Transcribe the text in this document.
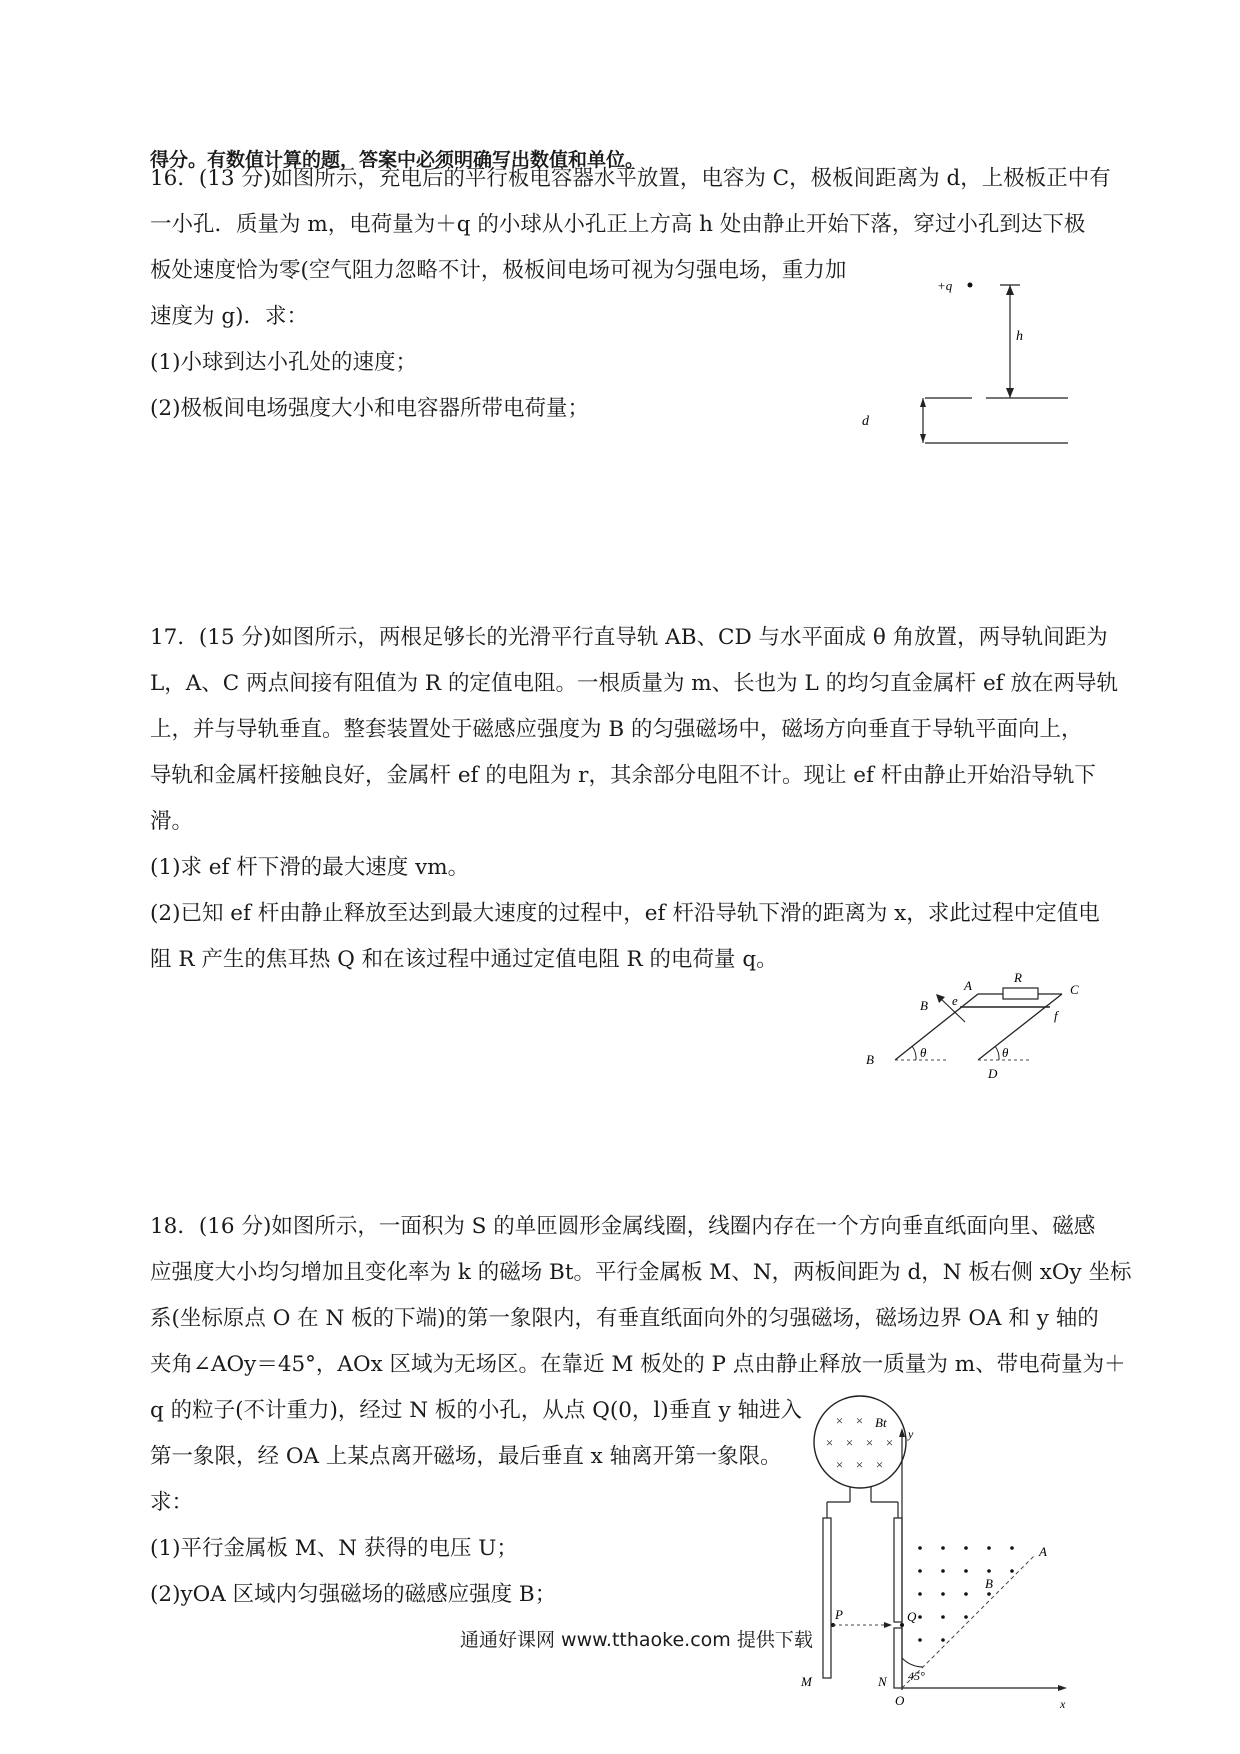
得分。有数值计算的题，答案中必须明确写出数值和单位。
16．(13 分)如图所示，充电后的平行板电容器水平放置，电容为 C，极板间距离为 d，上极板正中有
一小孔．质量为 m，电荷量为＋q 的小球从小孔正上方高 h 处由静止开始下落，穿过小孔到达下极
板处速度恰为零(空气阻力忽略不计，极板间电场可视为匀强电场，重力加
速度为 g)．求：
(1)小球到达小孔处的速度；
(2)极板间电场强度大小和电容器所带电荷量；
+q
h
d
17．(15 分)如图所示，两根足够长的光滑平行直导轨 AB、CD 与水平面成 θ 角放置，两导轨间距为
L，A、C 两点间接有阻值为 R 的定值电阻。一根质量为 m、长也为 L 的均匀直金属杆 ef 放在两导轨
上，并与导轨垂直。整套装置处于磁感应强度为 B 的匀强磁场中，磁场方向垂直于导轨平面向上，
导轨和金属杆接触良好，金属杆 ef 的电阻为 r，其余部分电阻不计。现让 ef 杆由静止开始沿导轨下
滑。
(1)求 ef 杆下滑的最大速度 vm。
(2)已知 ef 杆由静止释放至达到最大速度的过程中，ef 杆沿导轨下滑的距离为 x，求此过程中定值电
阻 R 产生的焦耳热 Q 和在该过程中通过定值电阻 R 的电荷量 q。
θ	θ
R
A	C
B e
f
B
D
18．(16 分)如图所示，一面积为 S 的单匝圆形金属线圈，线圈内存在一个方向垂直纸面向里、磁感
应强度大小均匀增加且变化率为 k 的磁场 Bt。平行金属板 M、N，两板间距为 d，N 板右侧 xOy 坐标
系(坐标原点 O 在 N 板的下端)的第一象限内，有垂直纸面向外的匀强磁场，磁场边界 OA 和 y 轴的
夹角∠AOy＝45°，AOx 区域为无场区。在靠近 M 板处的 P 点由静止释放一质量为 m、带电荷量为＋
q 的粒子(不计重力)，经过 N 板的小孔，从点 Q(0，l)垂直 y 轴进入
第一象限，经 OA 上某点离开磁场，最后垂直 x 轴离开第一象限。
求：
(1)平行金属板 M、N 获得的电压 U；
(2)yOA 区域内匀强磁场的磁感应强度 B；
× ×
× × × ×
× × ×
Bt
y
x
A
B
P	Q
45°
M	N
O
通通好课网 www.tthaoke.com 提供下载
